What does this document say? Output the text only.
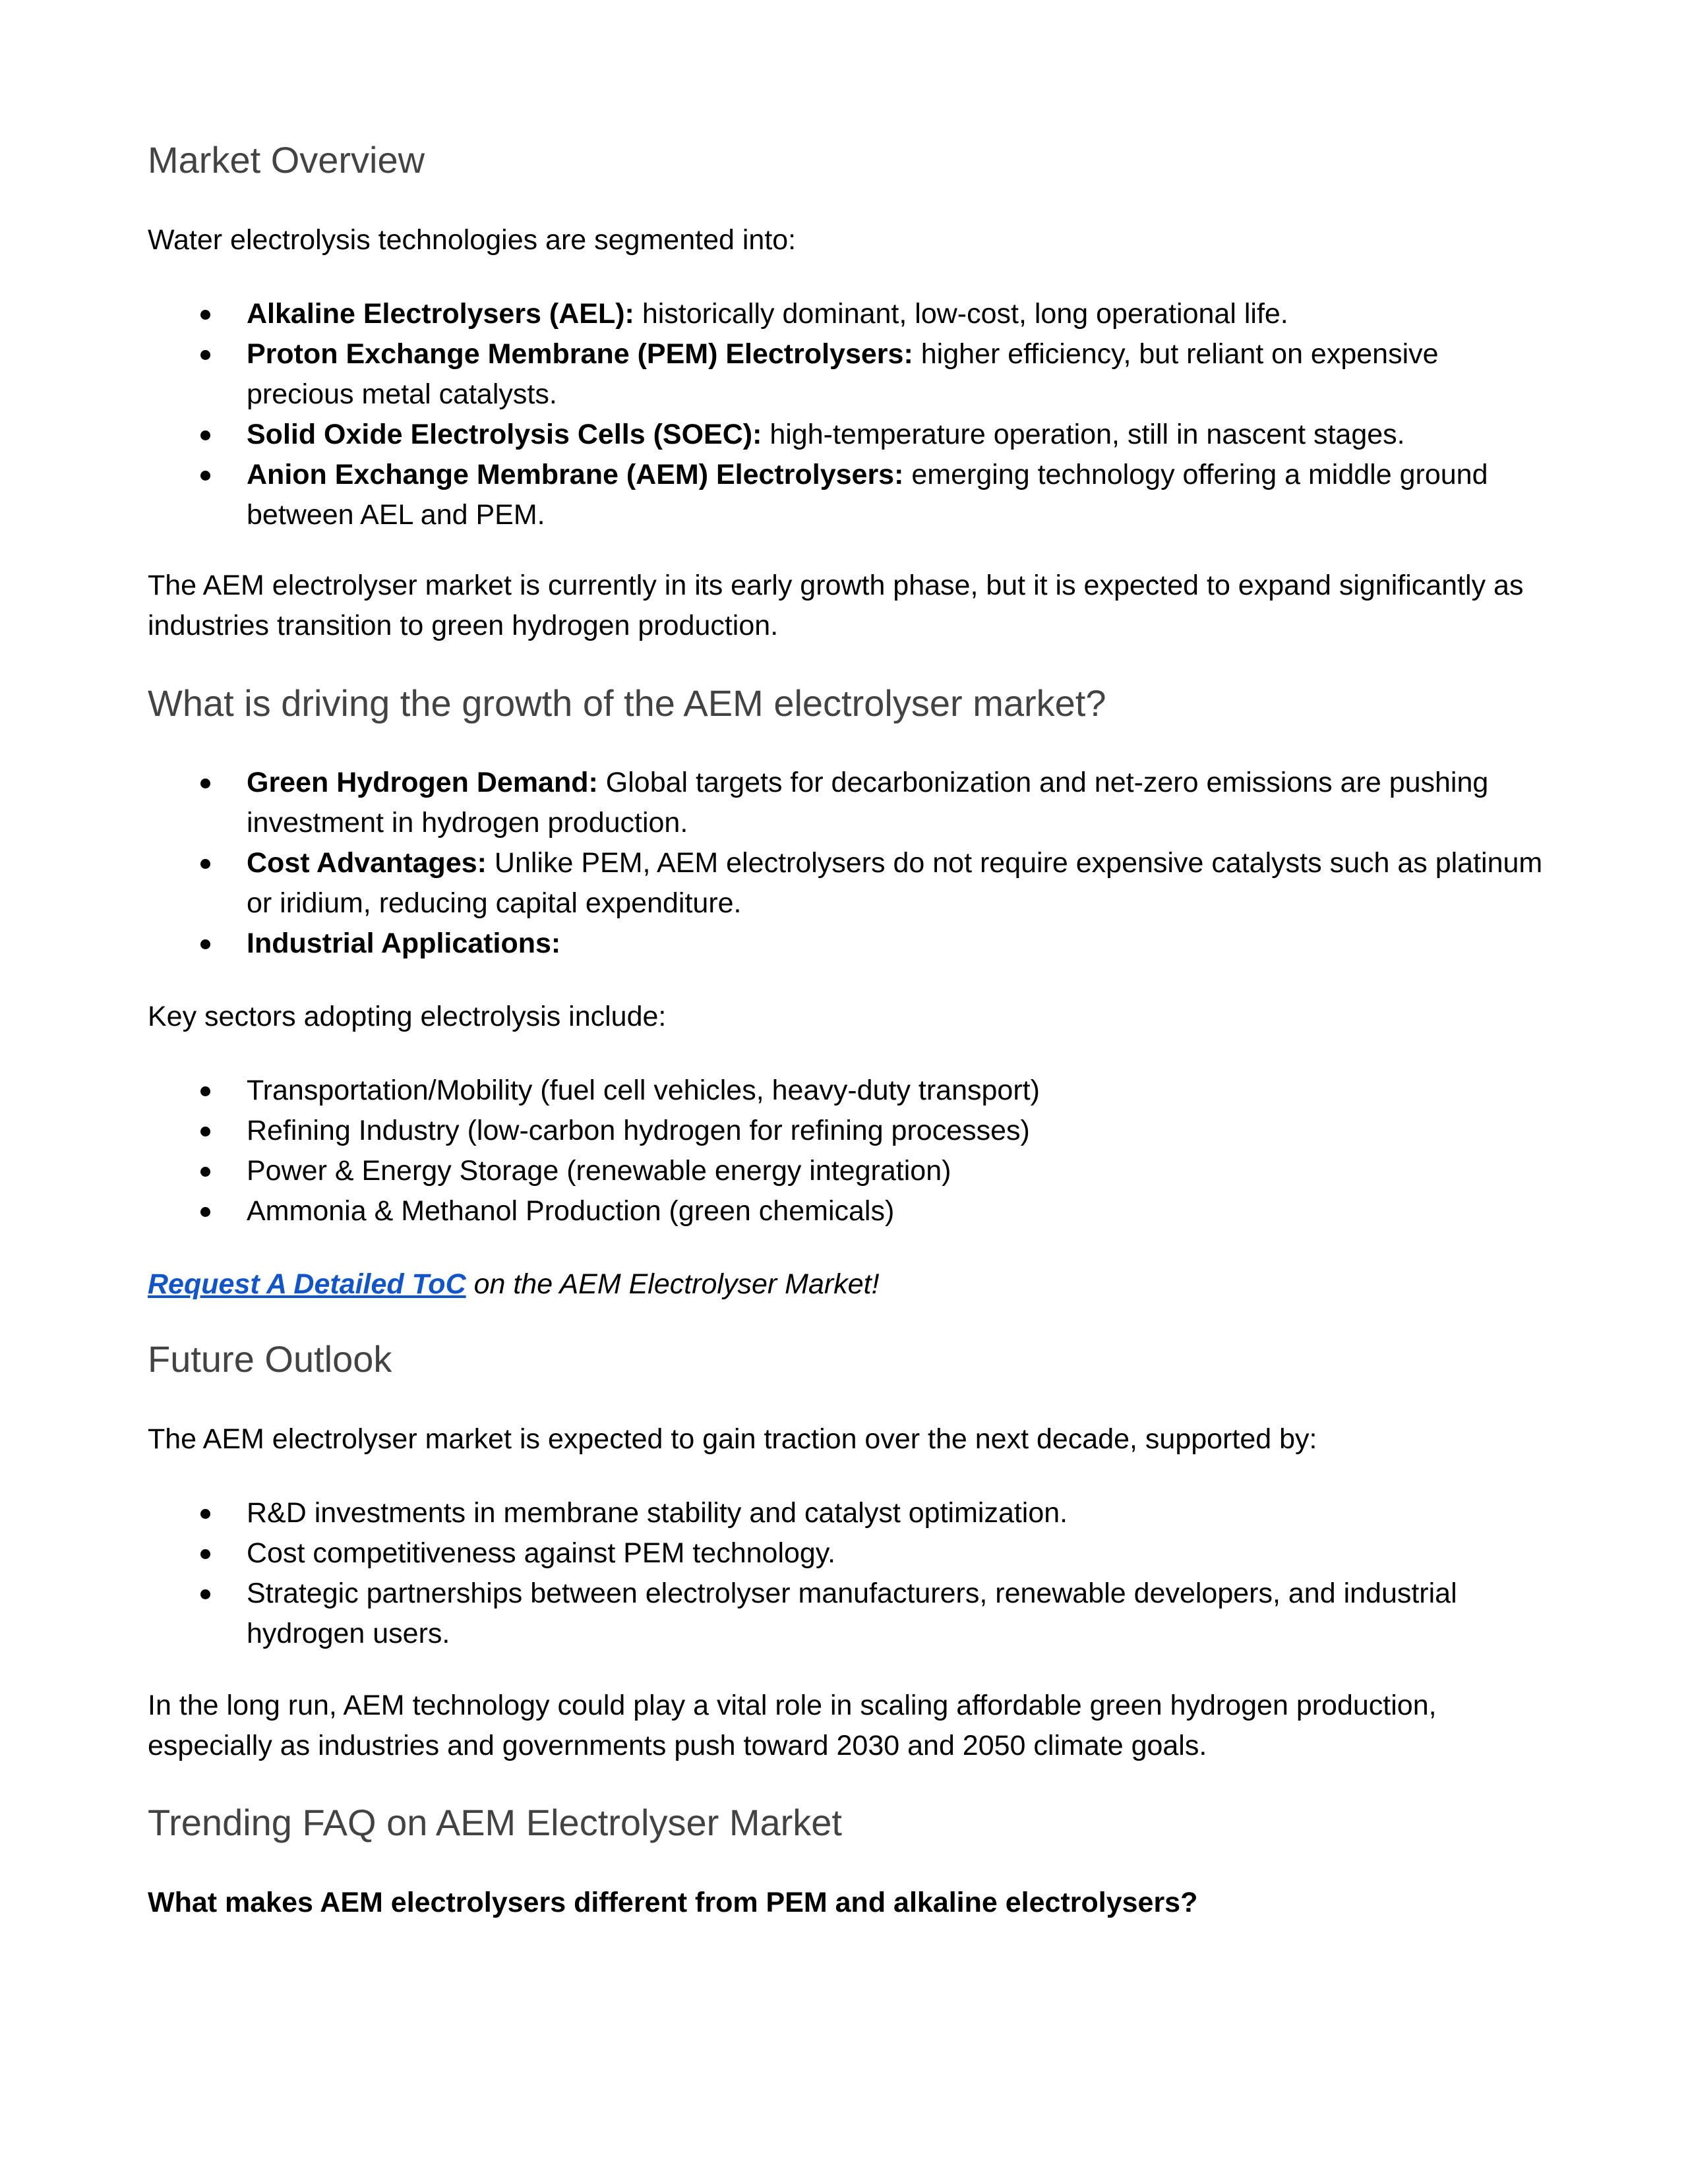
Market Overview

Water electrolysis technologies are segmented into:

Alkaline Electrolysers (AEL): historically dominant, low-cost, long operational life.
Proton Exchange Membrane (PEM) Electrolysers: higher efficiency, but reliant on expensive precious metal catalysts.
Solid Oxide Electrolysis Cells (SOEC): high-temperature operation, still in nascent stages.
Anion Exchange Membrane (AEM) Electrolysers: emerging technology offering a middle ground between AEL and PEM.

The AEM electrolyser market is currently in its early growth phase, but it is expected to expand significantly as industries transition to green hydrogen production.

What is driving the growth of the AEM electrolyser market?
Green Hydrogen Demand: Global targets for decarbonization and net-zero emissions are pushing investment in hydrogen production.
Cost Advantages: Unlike PEM, AEM electrolysers do not require expensive catalysts such as platinum or iridium, reducing capital expenditure.
Industrial Applications:

Key sectors adopting electrolysis include:

Transportation/Mobility (fuel cell vehicles, heavy-duty transport)
Refining Industry (low-carbon hydrogen for refining processes)
Power & Energy Storage (renewable energy integration)
Ammonia & Methanol Production (green chemicals)

Request A Detailed ToC on the AEM Electrolyser Market!

Future Outlook

The AEM electrolyser market is expected to gain traction over the next decade, supported by:

R&D investments in membrane stability and catalyst optimization.
Cost competitiveness against PEM technology.
Strategic partnerships between electrolyser manufacturers, renewable developers, and industrial hydrogen users.

In the long run, AEM technology could play a vital role in scaling affordable green hydrogen production, especially as industries and governments push toward 2030 and 2050 climate goals.

Trending FAQ on AEM Electrolyser Market

What makes AEM electrolysers different from PEM and alkaline electrolysers?
